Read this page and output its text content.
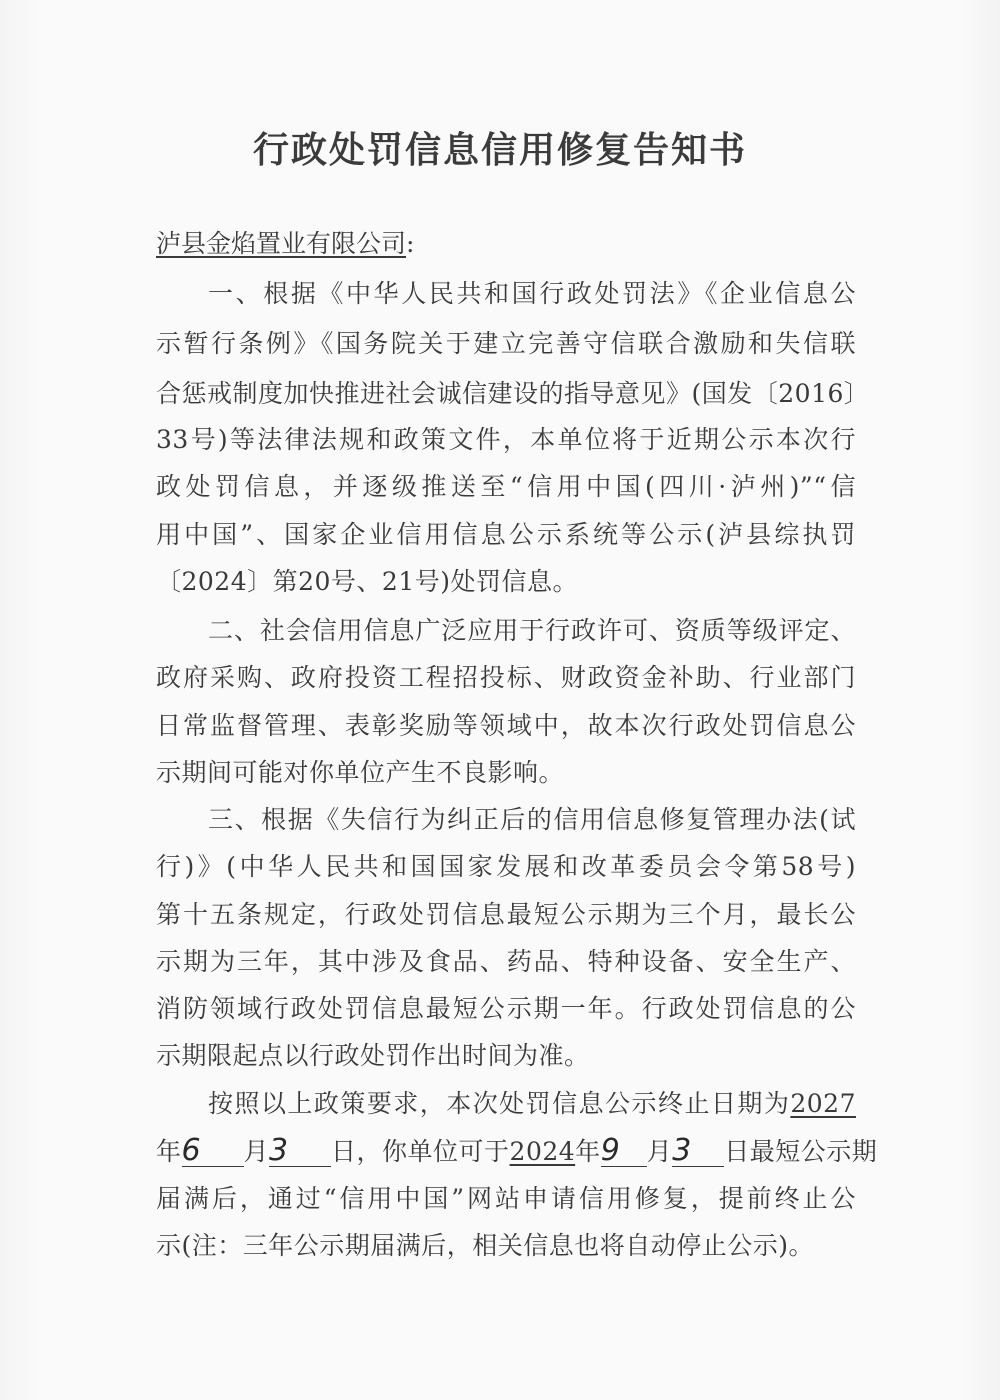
行政处罚信息信用修复告知书
泸县金焰置业有限公司:
一、根据《中华人民共和国行政处罚法》《企业信息公
示暂行条例》《国务院关于建立完善守信联合激励和失信联
合惩戒制度加快推进社会诚信建设的指导意见》(国发〔2016〕
33号)等法律法规和政策文件，本单位将于近期公示本次行
政处罚信息，并逐级推送至“信用中国(四川·泸州)”“信
用中国”、国家企业信用信息公示系统等公示(泸县综执罚
〔2024〕第20号、21号)处罚信息。
二、社会信用信息广泛应用于行政许可、资质等级评定、
政府采购、政府投资工程招投标、财政资金补助、行业部门
日常监督管理、表彰奖励等领域中，故本次行政处罚信息公
示期间可能对你单位产生不良影响。
三、根据《失信行为纠正后的信用信息修复管理办法(试
行)》(中华人民共和国国家发展和改革委员会令第58号)
第十五条规定，行政处罚信息最短公示期为三个月，最长公
示期为三年，其中涉及食品、药品、特种设备、安全生产、
消防领域行政处罚信息最短公示期一年。行政处罚信息的公
示期限起点以行政处罚作出时间为准。
按照以上政策要求，本次处罚信息公示终止日期为2027
年6 月3 日，你单位可于2024年9 月3 日最短公示期
届满后，通过“信用中国”网站申请信用修复，提前终止公
示(注：三年公示期届满后，相关信息也将自动停止公示)。
